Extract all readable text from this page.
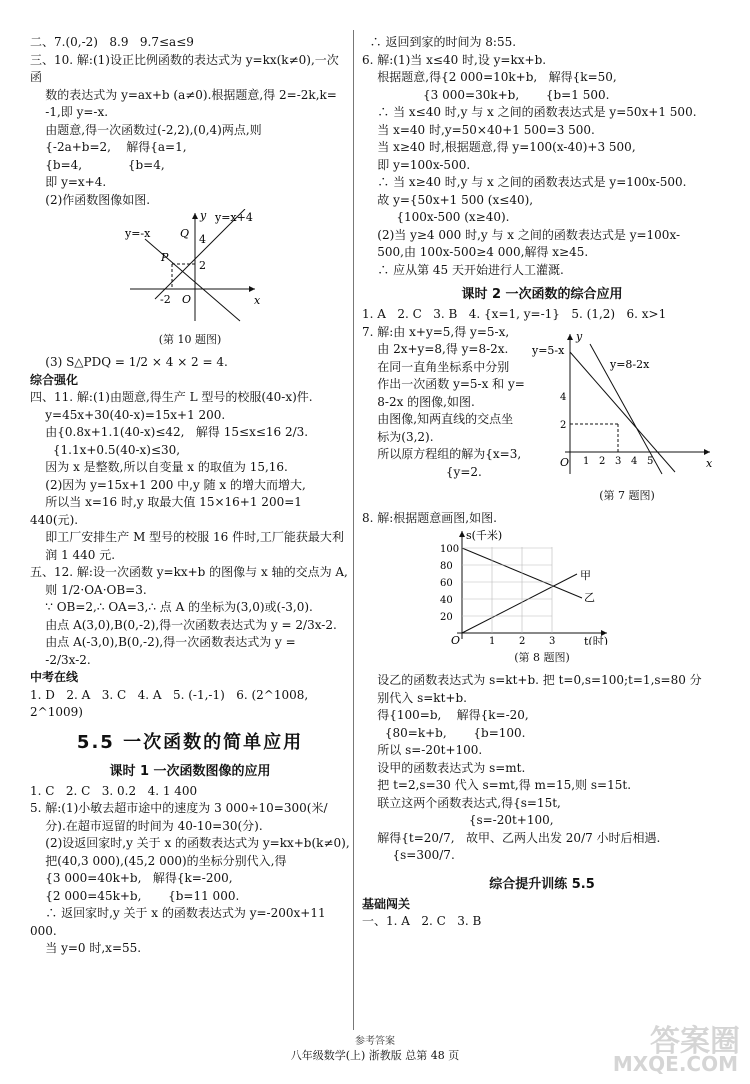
二、7.(0,-2)   8.9   9.7≤a≤9
三、10. 解:(1)设正比例函数的表达式为 y=kx(k≠0),一次函
数的表达式为 y=ax+b (a≠0).根据题意,得 2=-2k,k=
-1,即 y=-x.
由题意,得一次函数过(-2,2),(0,4)两点,则
{-2a+b=2,    解得{a=1,
{b=4,            {b=4,
即 y=x+4.
(2)作函数图像如图.
y=-x
y=x+4
y
x
O
P
Q 4
2
-2
(第 10 题图)
(3) S△PDQ = 1/2 × 4 × 2 = 4.
综合强化
四、11. 解:(1)由题意,得生产 L 型号的校服(40-x)件.
y=45x+30(40-x)=15x+1 200.
由{0.8x+1.1(40-x)≤42,   解得 15≤x≤16 2/3.
{1.1x+0.5(40-x)≤30,
因为 x 是整数,所以自变量 x 的取值为 15,16.
(2)因为 y=15x+1 200 中,y 随 x 的增大而增大,
所以当 x=16 时,y 取最大值 15×16+1 200=1 440(元).
即工厂安排生产 M 型号的校服 16 件时,工厂能获最大利
润 1 440 元.
五、12. 解:设一次函数 y=kx+b 的图像与 x 轴的交点为 A,
则 1/2·OA·OB=3.
∵ OB=2,∴ OA=3,∴ 点 A 的坐标为(3,0)或(-3,0).
由点 A(3,0),B(0,-2),得一次函数表达式为 y = 2/3x-2.
由点 A(-3,0),B(0,-2),得一次函数表达式为 y =
-2/3x-2.
中考在线
1. D   2. A   3. C   4. A   5. (-1,-1)   6. (2^1008, 2^1009)
5.5 一次函数的简单应用
课时 1 一次函数图像的应用
1. C   2. C   3. 0.2   4. 1 400
5. 解:(1)小敏去超市途中的速度为 3 000÷10=300(米/
分).在超市逗留的时间为 40-10=30(分).
(2)设返回家时,y 关于 x 的函数表达式为 y=kx+b(k≠0),
把(40,3 000),(45,2 000)的坐标分别代入,得
{3 000=40k+b,   解得{k=-200,
{2 000=45k+b,       {b=11 000.
∴ 返回家时,y 关于 x 的函数表达式为 y=-200x+11 000.
当 y=0 时,x=55.
∴ 返回到家的时间为 8:55.
6. 解:(1)当 x≤40 时,设 y=kx+b.
根据题意,得{2 000=10k+b,   解得{k=50,
{3 000=30k+b,       {b=1 500.
∴ 当 x≤40 时,y 与 x 之间的函数表达式是 y=50x+1 500.
当 x=40 时,y=50×40+1 500=3 500.
当 x≥40 时,根据题意,得 y=100(x-40)+3 500,
即 y=100x-500.
∴ 当 x≥40 时,y 与 x 之间的函数表达式是 y=100x-500.
故 y={50x+1 500 (x≤40),
{100x-500 (x≥40).
(2)当 y≥4 000 时,y 与 x 之间的函数表达式是 y=100x-
500,由 100x-500≥4 000,解得 x≥45.
∴ 应从第 45 天开始进行人工灌溉.
课时 2 一次函数的综合应用
1. A   2. C   3. B   4. {x=1, y=-1}   5. (1,2)   6. x>1
7. 解:由 x+y=5,得 y=5-x,
由 2x+y=8,得 y=8-2x.
在同一直角坐标系中分别
作出一次函数 y=5-x 和 y=
8-2x 的图像,如图.
由图像,知两直线的交点坐
标为(3,2).
所以原方程组的解为{x=3,
{y=2.
y
x
O
y=5-x
y=8-2x
1 2 3 4 5
2
4
(第 7 题图)
8. 解:根据题意画图,如图.
20
40
60
80
100
1 2 3
s(千米)
t(时)
O
甲
乙
(第 8 题图)
设乙的函数表达式为 s=kt+b. 把 t=0,s=100;t=1,s=80 分
别代入 s=kt+b.
得{100=b,    解得{k=-20,
{80=k+b,       {b=100.
所以 s=-20t+100.
设甲的函数表达式为 s=mt.
把 t=2,s=30 代入 s=mt,得 m=15,则 s=15t.
联立这两个函数表达式,得{s=15t,
{s=-20t+100,
解得{t=20/7,   故甲、乙两人出发 20/7 小时后相遇.
{s=300/7.
综合提升训练 5.5
基础闯关
一、1. A   2. C   3. B
参考答案
八年级数学(上) 浙教版 总第 48 页	答案圈
MXQE.COM
